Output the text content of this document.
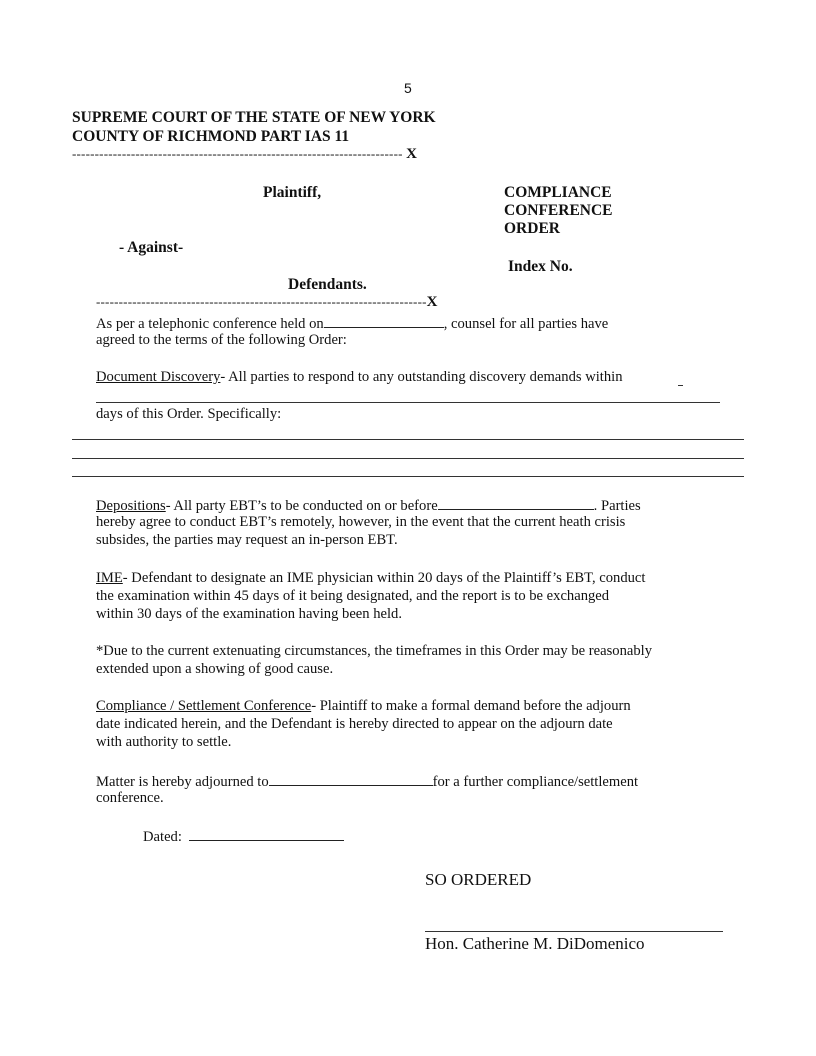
5
SUPREME COURT OF THE STATE OF NEW YORK
COUNTY OF RICHMOND PART IAS 11
------------------------------------------------------------------------- X
Plaintiff,	COMPLIANCE
CONFERENCE
ORDER
- Against-
Index No.
Defendants.
-------------------------------------------------------------------------X
As per a telephonic conference held on	, counsel for all parties have
agreed to the terms of the following Order:
Document Discovery- All parties to respond to any outstanding discovery demands within
days of this Order. Specifically:
Depositions- All party EBT’s to be conducted on or before	. Parties
hereby agree to conduct EBT’s remotely, however, in the event that the current heath crisis
subsides, the parties may request an in-person EBT.
IME- Defendant to designate an IME physician within 20 days of the Plaintiff’s EBT, conduct
the examination within 45 days of it being designated, and the report is to be exchanged
within 30 days of the examination having been held.
*Due to the current extenuating circumstances, the timeframes in this Order may be reasonably
extended upon a showing of good cause.
Compliance / Settlement Conference- Plaintiff to make a formal demand before the adjourn
date indicated herein, and the Defendant is hereby directed to appear on the adjourn date
with authority to settle.
Matter is hereby adjourned to	for a further compliance/settlement
conference.
Dated:
SO ORDERED
Hon. Catherine M. DiDomenico
